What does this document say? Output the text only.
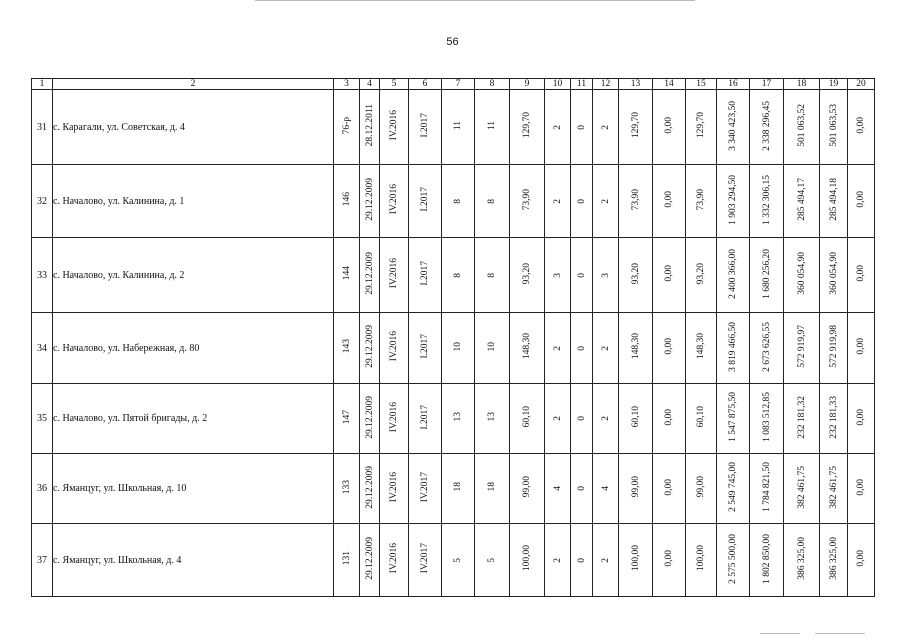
56
1	2	3	4	5	6	7	8	9	10	11	12	13	14	15	16	17	18	19	20
31	с. Карагали, ул. Советская, д. 4	76-р	28.12.2011	IV.2016	I.2017	11	11	129,70	2	0	2	129,70	0,00	129,70	3 340 423,50	2 338 296,45	501 063,52	501 063,53	0,00
32	с. Началово, ул. Калинина, д. 1	146	29.12.2009	IV.2016	I.2017	8	8	73,90	2	0	2	73,90	0,00	73,90	1 903 294,50	1 332 306,15	285 494,17	285 494,18	0,00
33	с. Началово, ул. Калинина, д. 2	144	29.12.2009	IV.2016	I.2017	8	8	93,20	3	0	3	93,20	0,00	93,20	2 400 366,00	1 680 256,20	360 054,90	360 054,90	0,00
34	с. Началово, ул. Набережная, д. 80	143	29.12.2009	IV.2016	I.2017	10	10	148,30	2	0	2	148,30	0,00	148,30	3 819 466,50	2 673 626,55	572 919,97	572 919,98	0,00
35	с. Началово, ул. Пятой бригады, д. 2	147	29.12.2009	IV.2016	I.2017	13	13	60,10	2	0	2	60,10	0,00	60,10	1 547 875,50	1 083 512,85	232 181,32	232 181,33	0,00
36	с. Яманцуг, ул. Школьная, д. 10	133	29.12.2009	IV.2016	IV.2017	18	18	99,00	4	0	4	99,00	0,00	99,00	2 549 745,00	1 784 821,50	382 461,75	382 461,75	0,00
37	с. Яманцуг, ул. Школьная, д. 4	131	29.12.2009	IV.2016	IV.2017	5	5	100,00	2	0	2	100,00	0,00	100,00	2 575 500,00	1 802 850,00	386 325,00	386 325,00	0,00
